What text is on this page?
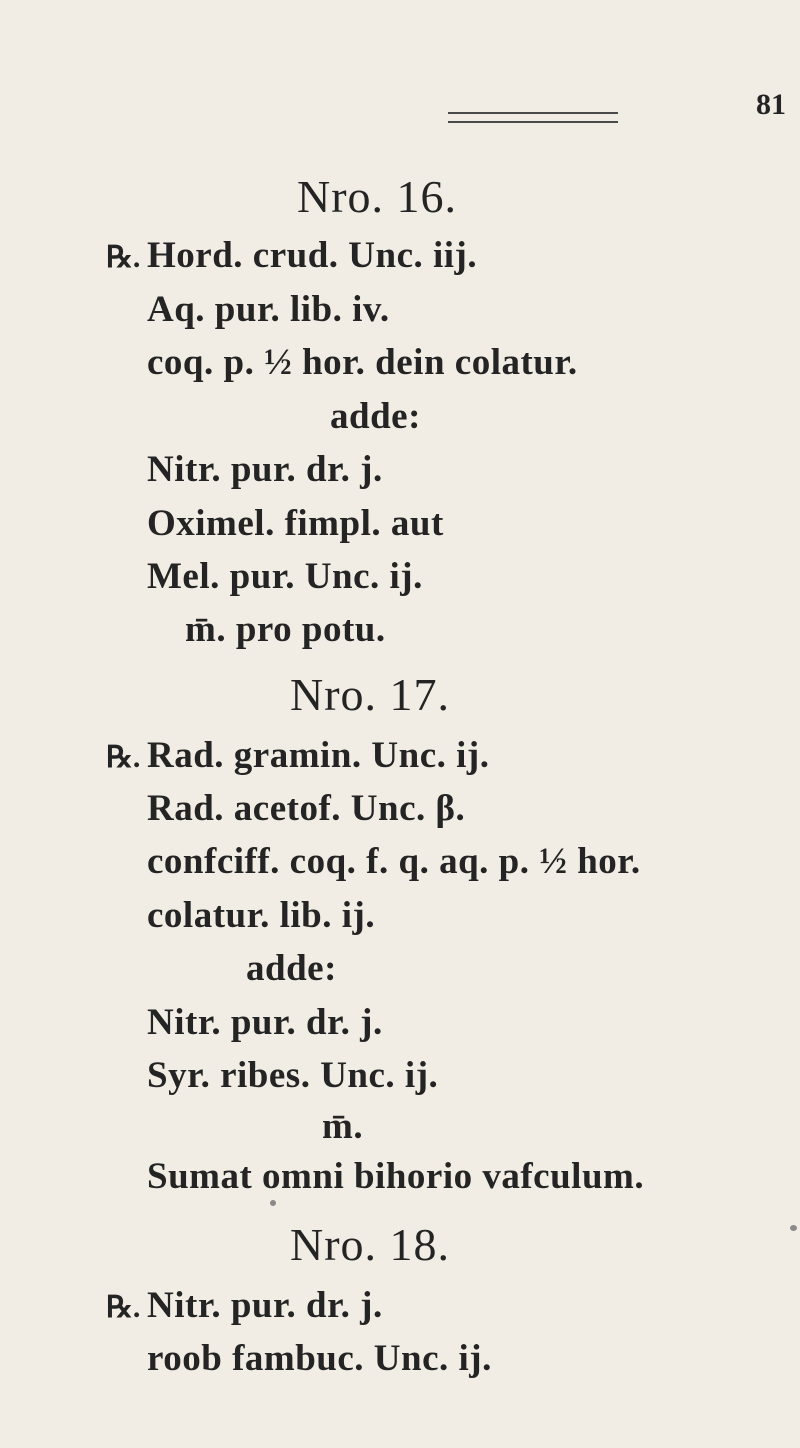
81
Nro. 16.
℞. Hord. crud. Unc. iij.
Aq. pur. lib. iv.
coq. p. ½ hor. dein colatur.
adde:
Nitr. pur. dr. j.
Oximel. fimpl. aut
Mel. pur. Unc. ij.
m̄. pro potu.
Nro. 17.
℞. Rad. gramin. Unc. ij.
Rad. acetof. Unc. β.
confciff. coq. f. q. aq. p. ½ hor.
colatur. lib. ij.
adde:
Nitr. pur. dr. j.
Syr. ribes. Unc. ij.
m̄.
Sumat omni bihorio vafculum.
Nro. 18.
℞. Nitr. pur. dr. j.
roob fambuc. Unc. ij.
